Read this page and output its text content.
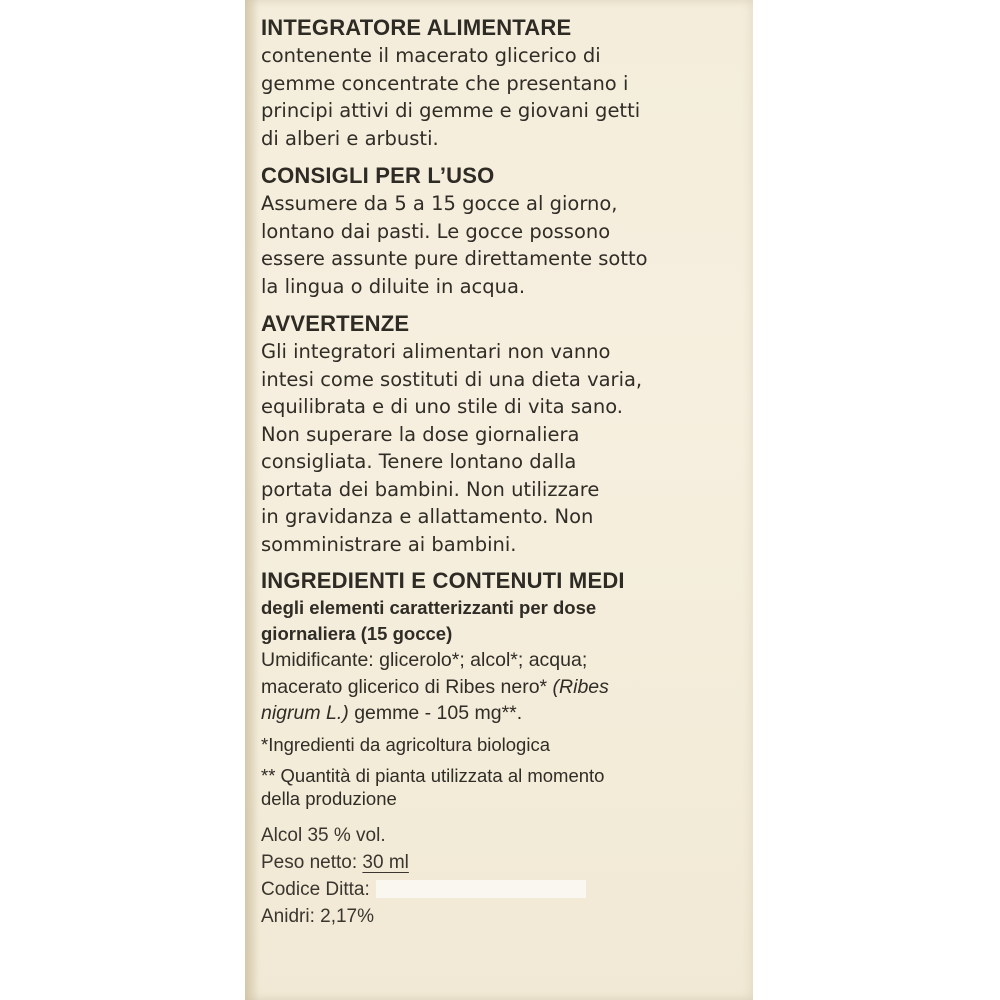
INTEGRATORE ALIMENTARE

contenente il macerato glicerico di

gemme concentrate che presentano i

principi attivi di gemme e giovani getti

di alberi e arbusti.

CONSIGLI PER L’USO

Assumere da 5 a 15 gocce al giorno,

lontano dai pasti. Le gocce possono

essere assunte pure direttamente sotto

la lingua o diluite in acqua.

AVVERTENZE

Gli integratori alimentari non vanno

intesi come sostituti di una dieta varia,

equilibrata e di uno stile di vita sano.

Non superare la dose giornaliera

consigliata. Tenere lontano dalla

portata dei bambini. Non utilizzare

in gravidanza e allattamento. Non

somministrare ai bambini.

INGREDIENTI E CONTENUTI MEDI

degli elementi caratterizzanti per dose

giornaliera (15 gocce)

Umidificante: glicerolo*; alcol*; acqua;

macerato glicerico di Ribes nero* (Ribes

nigrum L.) gemme - 105 mg**.

*Ingredienti da agricoltura biologica

** Quantità di pianta utilizzata al momento

della produzione

Alcol 35 % vol.

Peso netto: 30 ml

Codice Ditta:

Anidri: 2,17%
